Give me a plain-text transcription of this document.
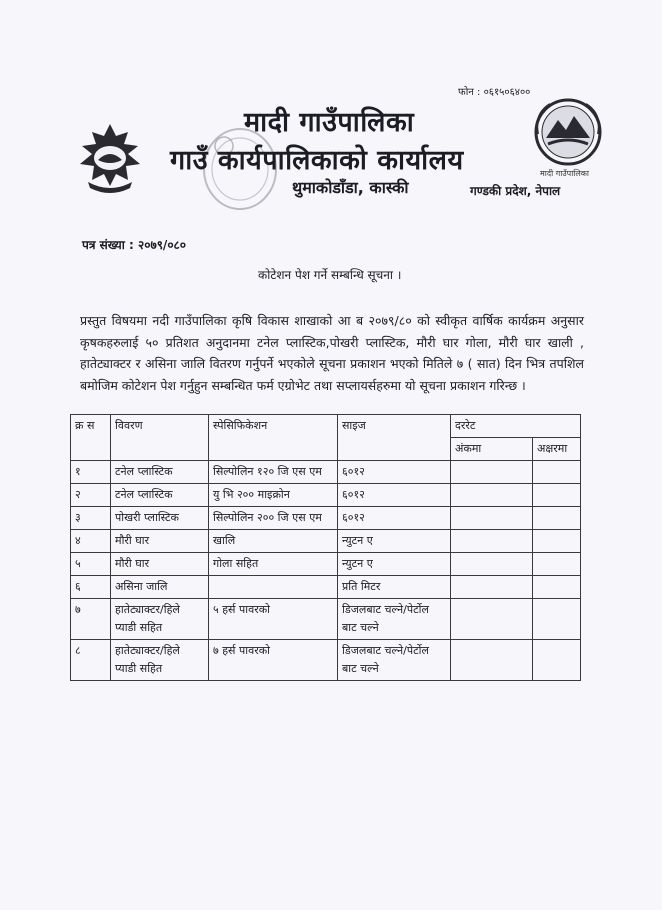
फोन : ०६१५०६४००
मादी गाउँपालिका
मादी गाउँपालिका
गाउँ कार्यपालिकाको कार्यालय
थुमाकोडाँडा, कास्की	गण्डकी प्रदेश, नेपाल
पत्र संख्या : २०७९/०८०
कोटेशन पेश गर्ने सम्बन्धि सूचना ।
प्रस्तुत विषयमा नदी गाउँपालिका कृषि विकास शाखाको आ ब २०७९/८० को स्वीकृत वार्षिक कार्यक्रम अनुसार कृषकहरुलाई ५० प्रतिशत अनुदानमा टनेल प्लास्टिक,पोखरी प्लास्टिक, मौरी घार गोला, मौरी घार खाली , हातेट्याक्टर र असिना जालि वितरण गर्नुपर्ने भएकोले सूचना प्रकाशन भएको मितिले ७ ( सात) दिन भित्र तपशिल बमोजिम कोटेशन पेश गर्नुहुन सम्बन्धित फर्म एग्रोभेट तथा सप्लायर्सहरुमा यो सूचना प्रकाशन गरिन्छ ।
क्र स	विवरण	स्पेसिफिकेशन	साइज	दररेट	
				अंकमा	अक्षरमा
१	टनेल प्लास्टिक	सिल्पोलिन १२० जि एस एम	६०१२		
२	टनेल प्लास्टिक	यु भि २०० माइक्रोन	६०१२		
३	पोखरी प्लास्टिक	सिल्पोलिन २०० जि एस एम	६०१२		
४	मौरी घार	खालि	न्युटन ए		
५	मौरी घार	गोला सहित	न्युटन ए		
६	असिना जालि		प्रति मिटर		
७	हातेट्याक्टर/हिले प्याडी सहित	५ हर्स पावरको	डिजलबाट चल्ने/पेर्टोल बाट चल्ने		
८	हातेट्याक्टर/हिले प्याडी सहित	७ हर्स पावरको	डिजलबाट चल्ने/पेर्टोल बाट चल्ने		
